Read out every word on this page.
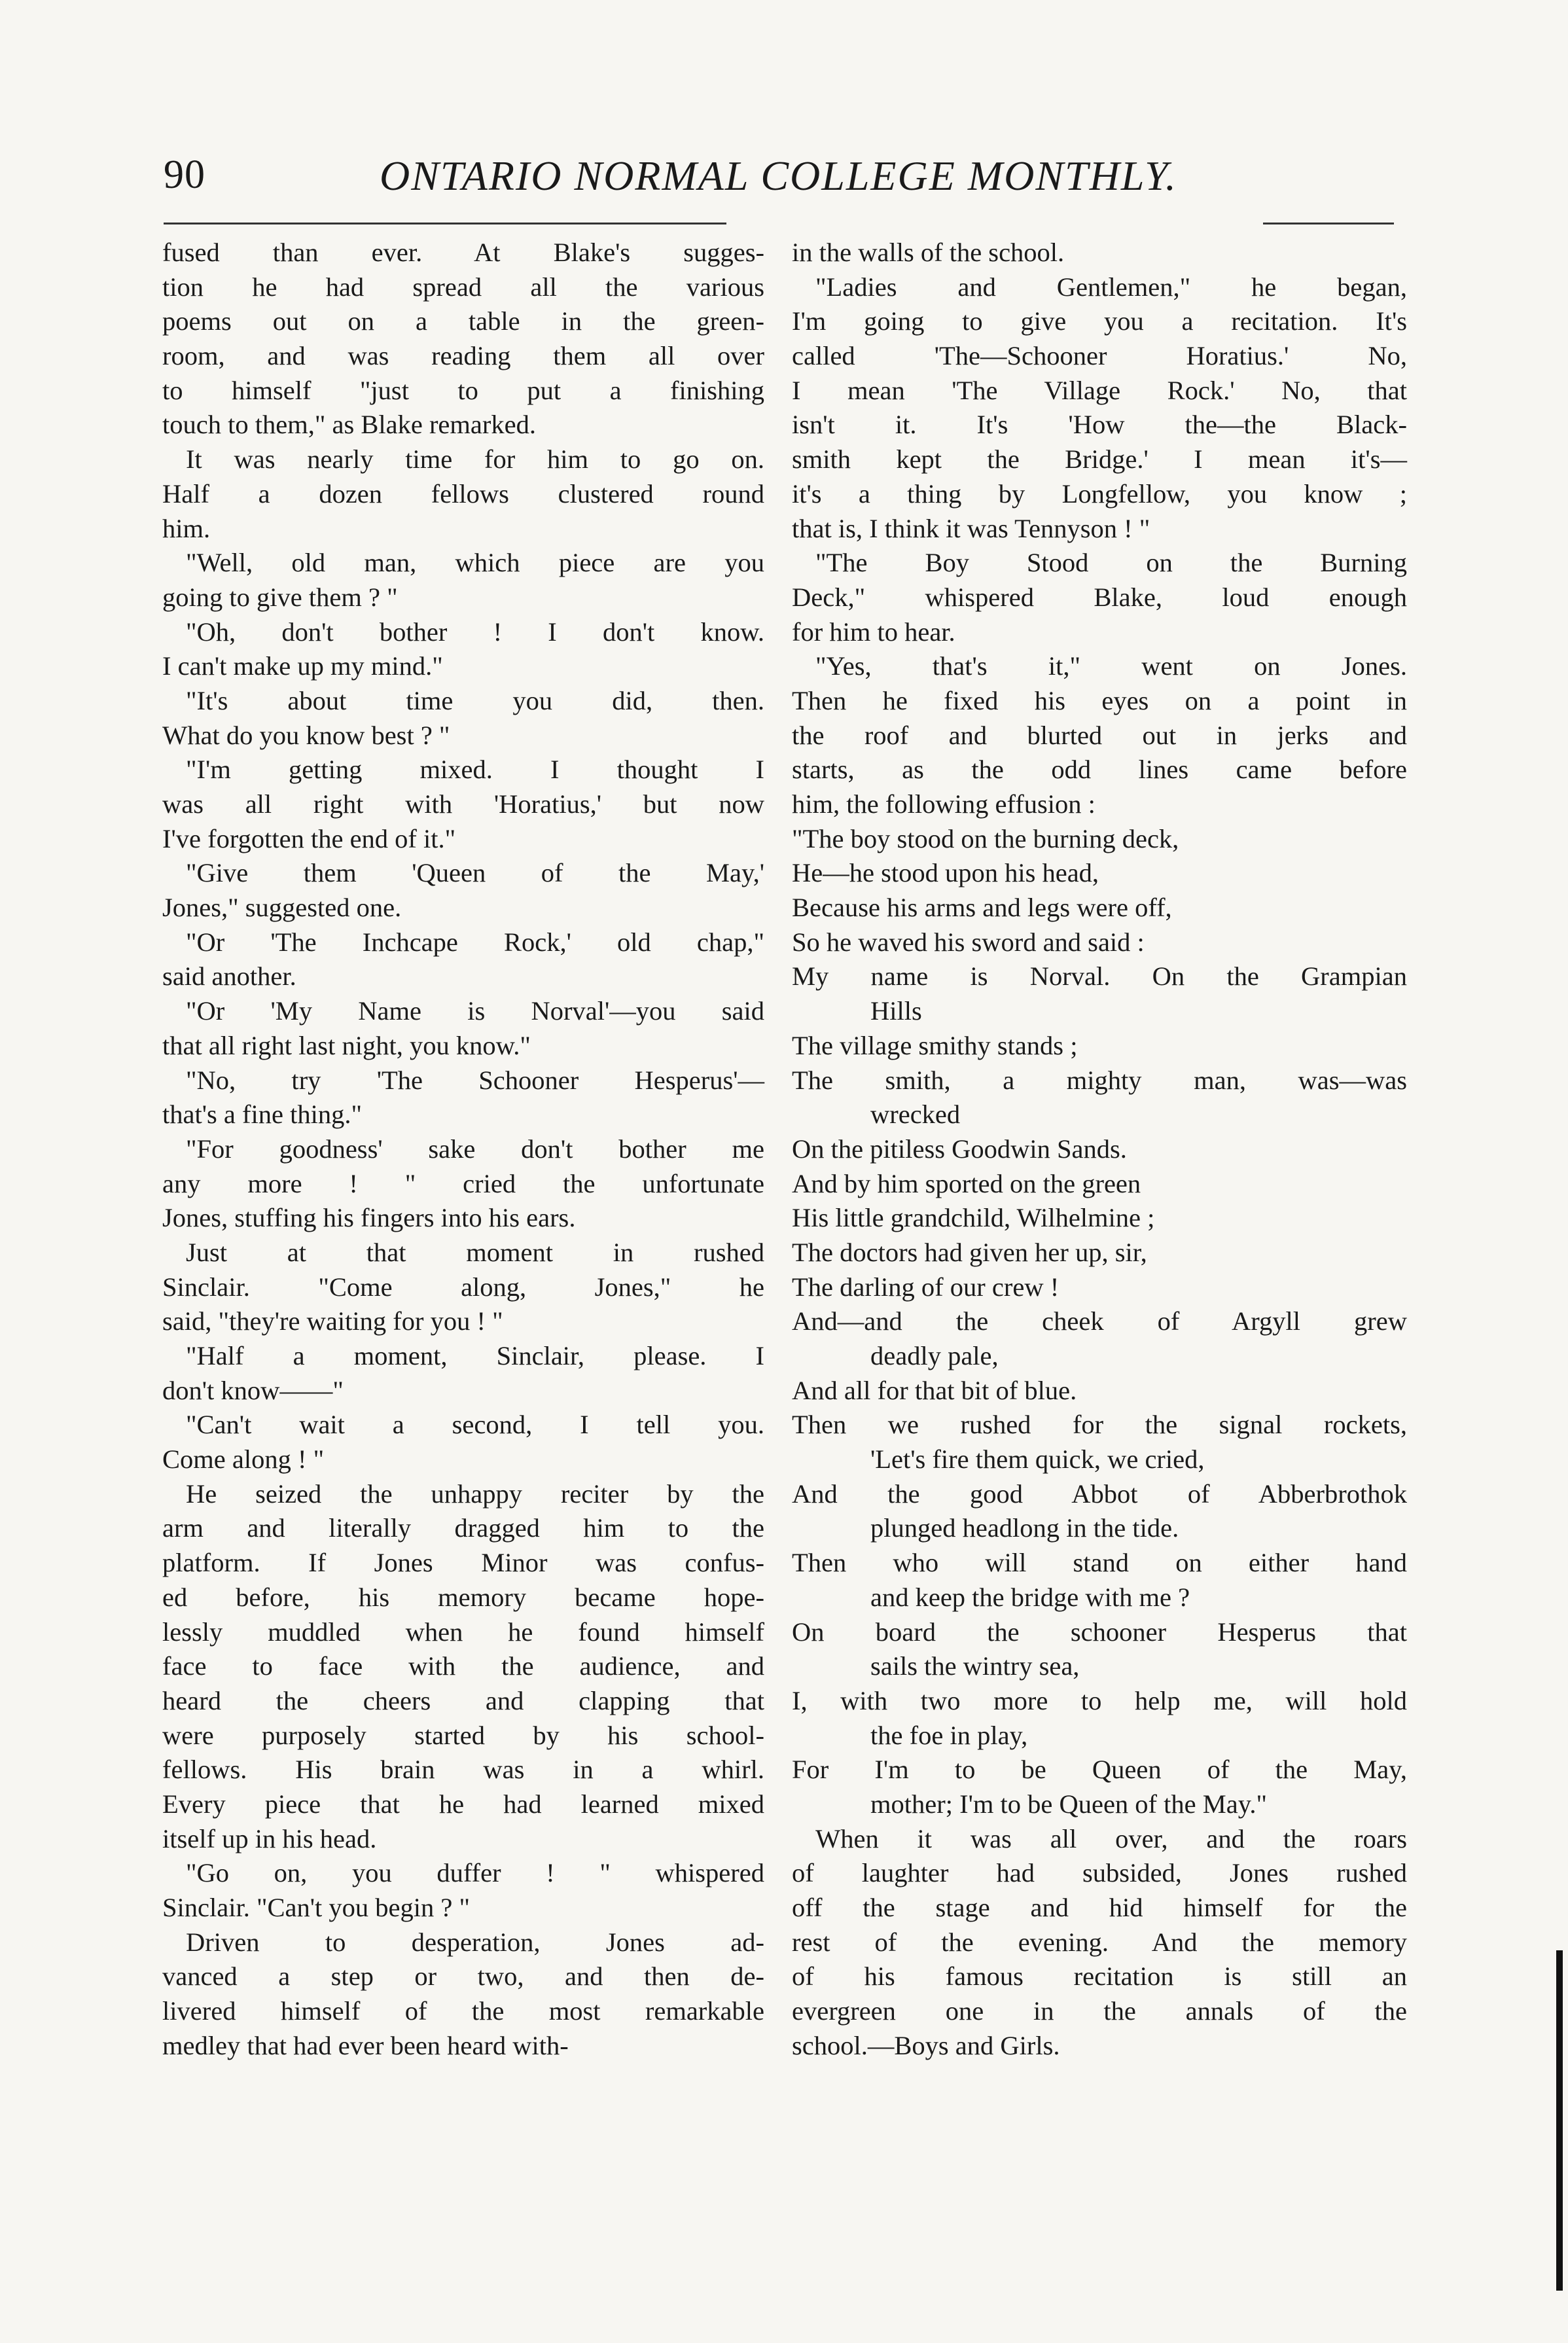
90	ONTARIO NORMAL COLLEGE MONTHLY.
fused than ever. At Blake's sugges-
tion he had spread all the various
poems out on a table in the green-
room, and was reading them all over
to himself "just to put a finishing
touch to them," as Blake remarked.
It was nearly time for him to go on.
Half a dozen fellows clustered round
him.
"Well, old man, which piece are you
going to give them ? "
"Oh, don't bother ! I don't know.
I can't make up my mind."
"It's about time you did, then.
What do you know best ? "
"I'm getting mixed. I thought I
was all right with 'Horatius,' but now
I've forgotten the end of it."
"Give them 'Queen of the May,'
Jones," suggested one.
"Or 'The Inchcape Rock,' old chap,"
said another.
"Or 'My Name is Norval'—you said
that all right last night, you know."
"No, try 'The Schooner Hesperus'—
that's a fine thing."
"For goodness' sake don't bother me
any more ! " cried the unfortunate
Jones, stuffing his fingers into his ears.
Just at that moment in rushed
Sinclair. "Come along, Jones," he
said, "they're waiting for you ! "
"Half a moment, Sinclair, please. I
don't know——"
"Can't wait a second, I tell you.
Come along ! "
He seized the unhappy reciter by the
arm and literally dragged him to the
platform. If Jones Minor was confus-
ed before, his memory became hope-
lessly muddled when he found himself
face to face with the audience, and
heard the cheers and clapping that
were purposely started by his school-
fellows. His brain was in a whirl.
Every piece that he had learned mixed
itself up in his head.
"Go on, you duffer ! " whispered
Sinclair. "Can't you begin ? "
Driven to desperation, Jones ad-
vanced a step or two, and then de-
livered himself of the most remarkable
medley that had ever been heard with-
in the walls of the school.
"Ladies and Gentlemen," he began,
I'm going to give you a recitation. It's
called 'The—Schooner Horatius.' No,
I mean 'The Village Rock.' No, that
isn't it. It's 'How the—the Black-
smith kept the Bridge.' I mean it's—
it's a thing by Longfellow, you know ;
that is, I think it was Tennyson ! "
"The Boy Stood on the Burning
Deck," whispered Blake, loud enough
for him to hear.
"Yes, that's it," went on Jones.
Then he fixed his eyes on a point in
the roof and blurted out in jerks and
starts, as the odd lines came before
him, the following effusion :
"The boy stood on the burning deck,
He—he stood upon his head,
Because his arms and legs were off,
So he waved his sword and said :
My name is Norval. On the Grampian
Hills
The village smithy stands ;
The smith, a mighty man, was—was
wrecked
On the pitiless Goodwin Sands.
And by him sported on the green
His little grandchild, Wilhelmine ;
The doctors had given her up, sir,
The darling of our crew !
And—and the cheek of Argyll grew
deadly pale,
And all for that bit of blue.
Then we rushed for the signal rockets,
'Let's fire them quick, we cried,
And the good Abbot of Abberbrothok
plunged headlong in the tide.
Then who will stand on either hand
and keep the bridge with me ?
On board the schooner Hesperus that
sails the wintry sea,
I, with two more to help me, will hold
the foe in play,
For I'm to be Queen of the May,
mother; I'm to be Queen of the May."
When it was all over, and the roars
of laughter had subsided, Jones rushed
off the stage and hid himself for the
rest of the evening. And the memory
of his famous recitation is still an
evergreen one in the annals of the
school.—Boys and Girls.
